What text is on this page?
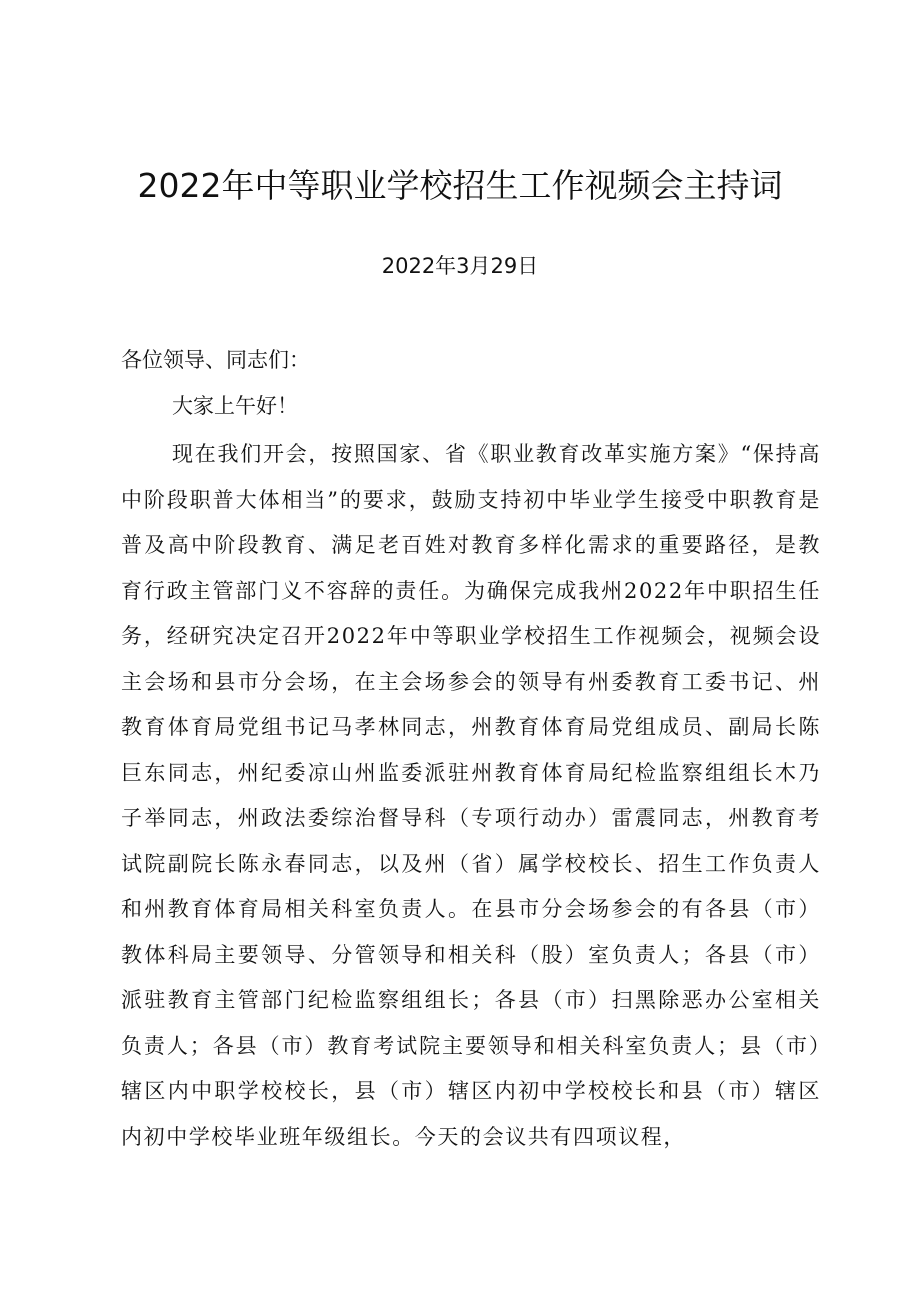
2022年中等职业学校招生工作视频会主持词
2022年3月29日
各位领导、同志们：
大家上午好！
现在我们开会，按照国家、省《职业教育改革实施方案》“保持高中阶段职普大体相当”的要求，鼓励支持初中毕业学生接受中职教育是普及高中阶段教育、满足老百姓对教育多样化需求的重要路径，是教育行政主管部门义不容辞的责任。为确保完成我州2022年中职招生任务，经研究决定召开2022年中等职业学校招生工作视频会，视频会设主会场和县市分会场，在主会场参会的领导有州委教育工委书记、州教育体育局党组书记马孝林同志，州教育体育局党组成员、副局长陈巨东同志，州纪委凉山州监委派驻州教育体育局纪检监察组组长木乃子举同志，州政法委综治督导科（专项行动办）雷震同志，州教育考试院副院长陈永春同志，以及州（省）属学校校长、招生工作负责人和州教育体育局相关科室负责人。在县市分会场参会的有各县（市）教体科局主要领导、分管领导和相关科（股）室负责人；各县（市）派驻教育主管部门纪检监察组组长；各县（市）扫黑除恶办公室相关负责人；各县（市）教育考试院主要领导和相关科室负责人；县（市）辖区内中职学校校长，县（市）辖区内初中学校校长和县（市）辖区内初中学校毕业班年级组长。今天的会议共有四项议程，
